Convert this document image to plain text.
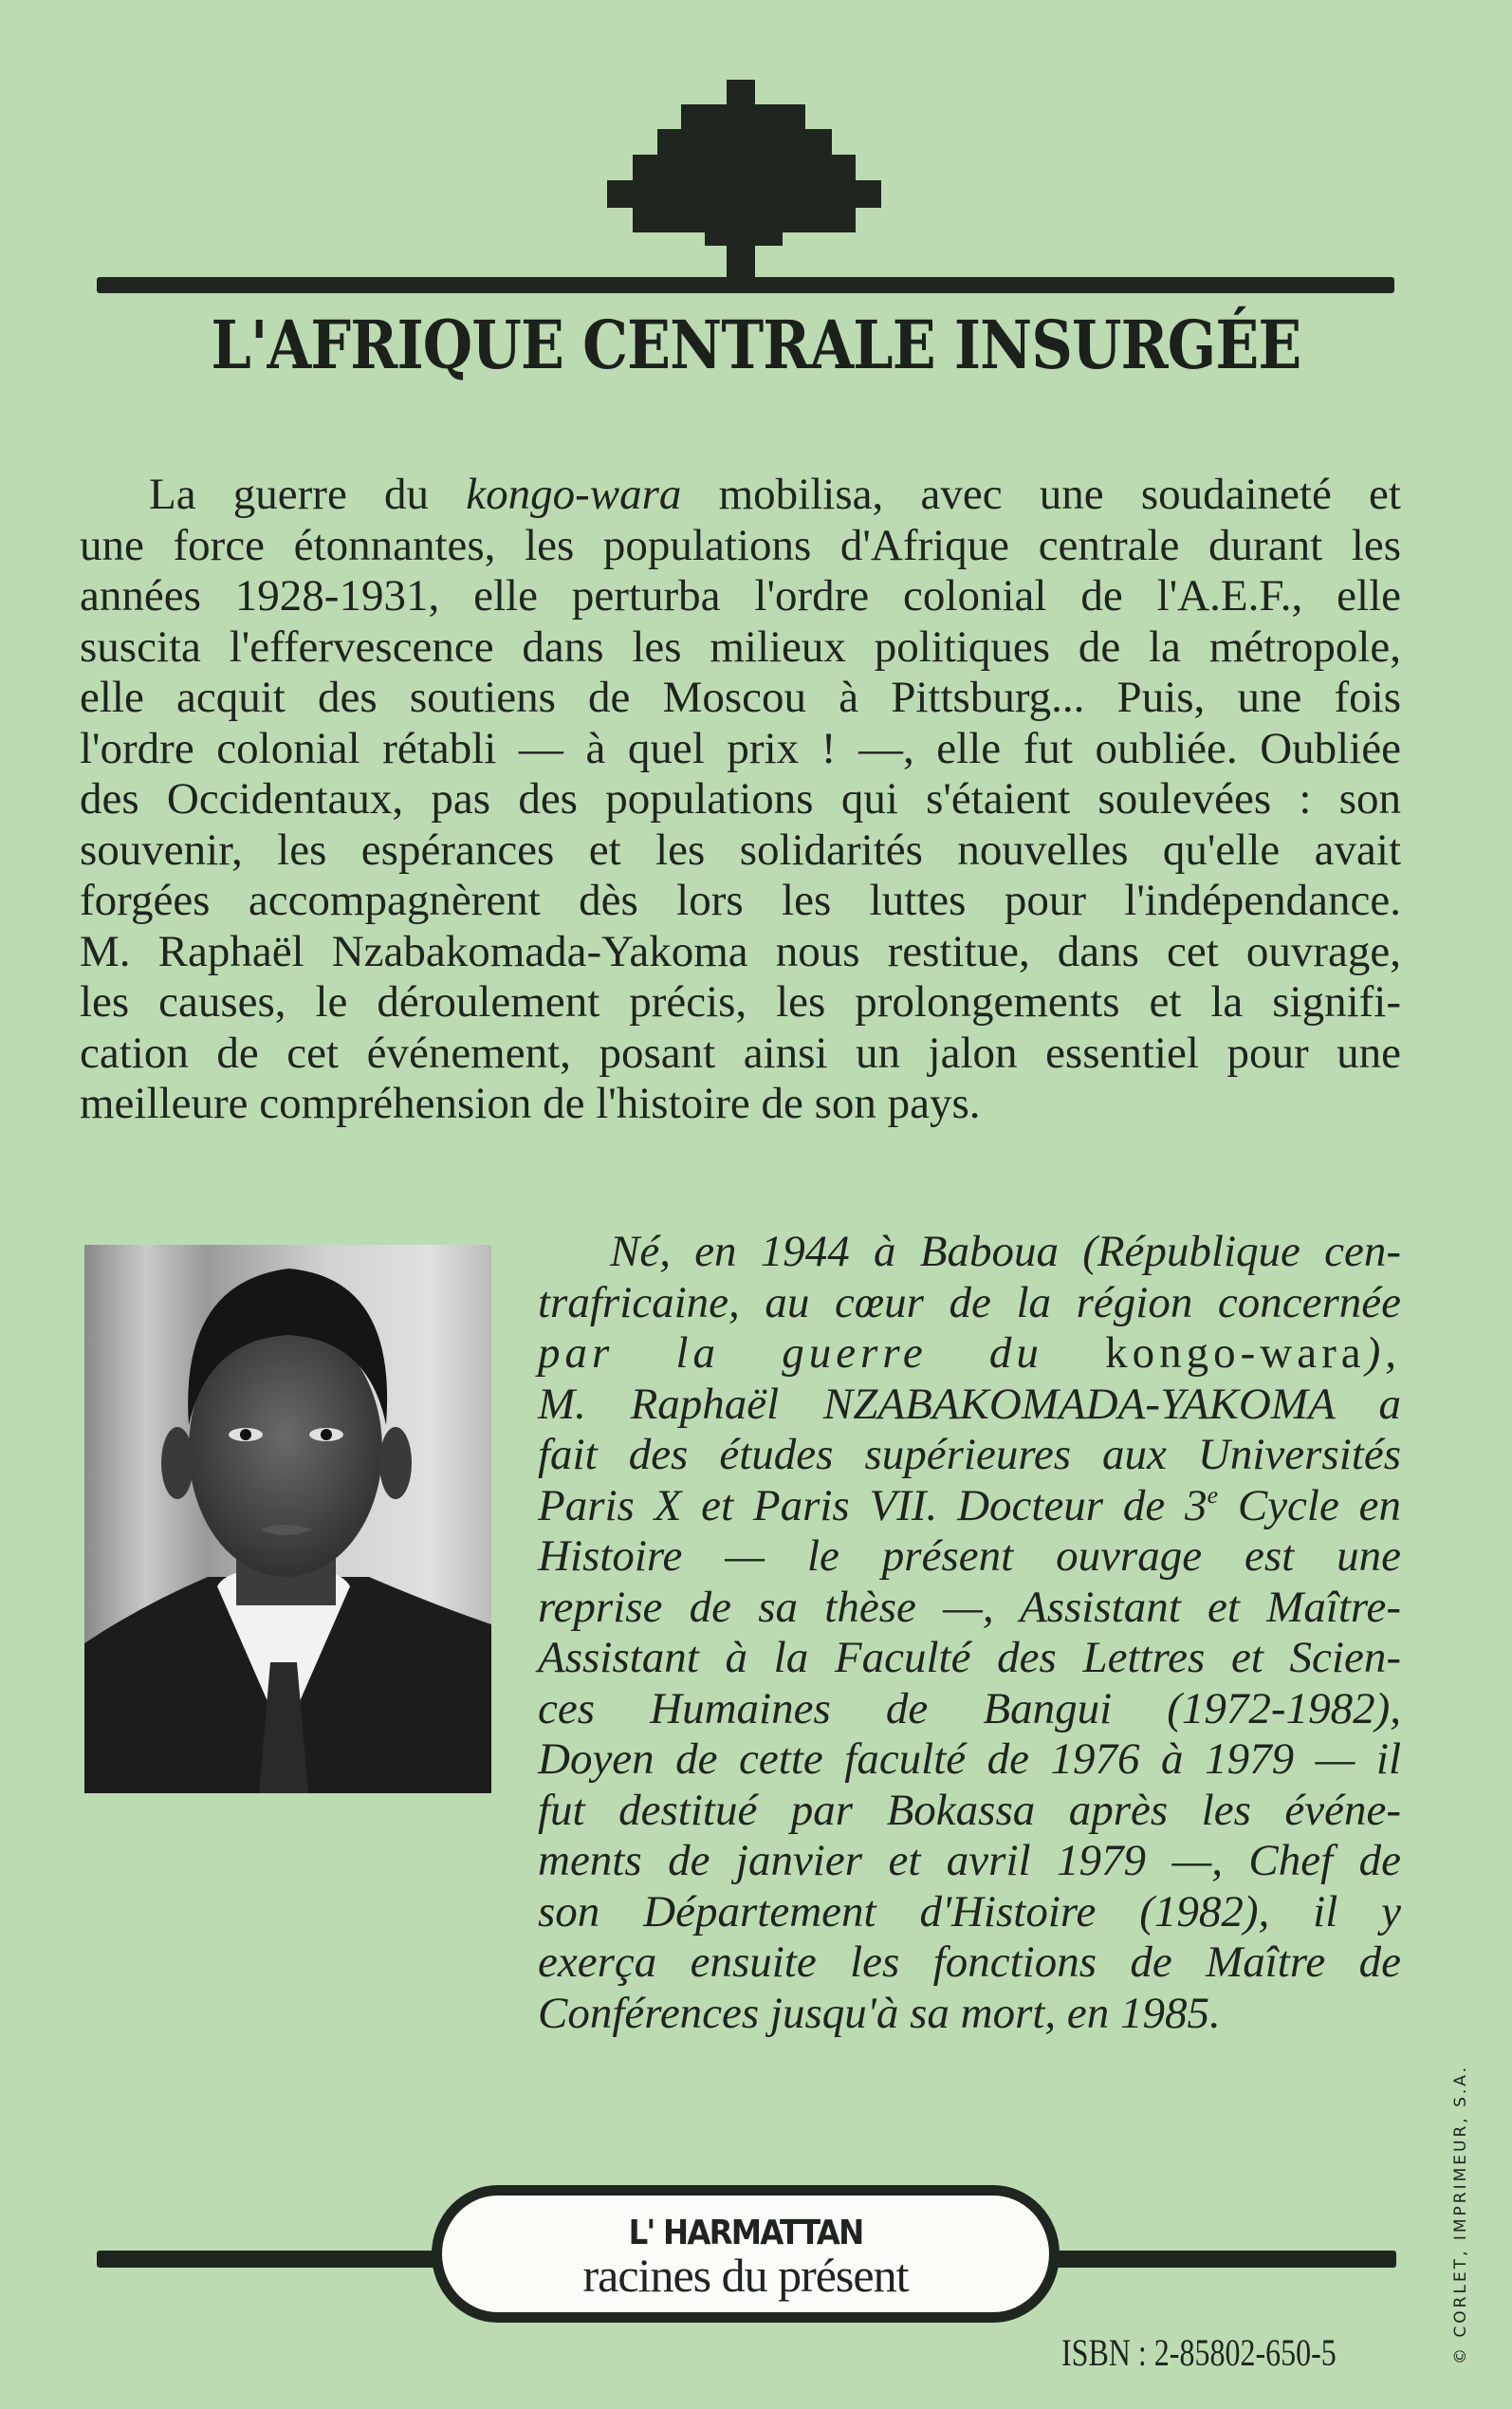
L'AFRIQUE CENTRALE INSURGÉE
La guerre du kongo-wara mobilisa, avec une soudaineté et
une force étonnantes, les populations d'Afrique centrale durant les
années 1928-1931, elle perturba l'ordre colonial de l'A.E.F., elle
suscita l'effervescence dans les milieux politiques de la métropole,
elle acquit des soutiens de Moscou à Pittsburg... Puis, une fois
l'ordre colonial rétabli — à quel prix ! —, elle fut oubliée. Oubliée
des Occidentaux, pas des populations qui s'étaient soulevées : son
souvenir, les espérances et les solidarités nouvelles qu'elle avait
forgées accompagnèrent dès lors les luttes pour l'indépendance.
M. Raphaël Nzabakomada-Yakoma nous restitue, dans cet ouvrage,
les causes, le déroulement précis, les prolongements et la signifi-
cation de cet événement, posant ainsi un jalon essentiel pour une
meilleure compréhension de l'histoire de son pays.
Né, en 1944 à Baboua (République cen-
trafricaine, au cœur de la région concernée
par la guerre du kongo-wara),
M. Raphaël NZABAKOMADA-YAKOMA a
fait des études supérieures aux Universités
Paris X et Paris VII. Docteur de 3e Cycle en
Histoire — le présent ouvrage est une
reprise de sa thèse —, Assistant et Maître-
Assistant à la Faculté des Lettres et Scien-
ces Humaines de Bangui (1972-1982),
Doyen de cette faculté de 1976 à 1979 — il
fut destitué par Bokassa après les événe-
ments de janvier et avril 1979 —, Chef de
son Département d'Histoire (1982), il y
exerça ensuite les fonctions de Maître de
Conférences jusqu'à sa mort, en 1985.
L' HARMATTAN
racines du présent
ISBN : 2-85802-650-5	© CORLET, IMPRIMEUR, S.A.
